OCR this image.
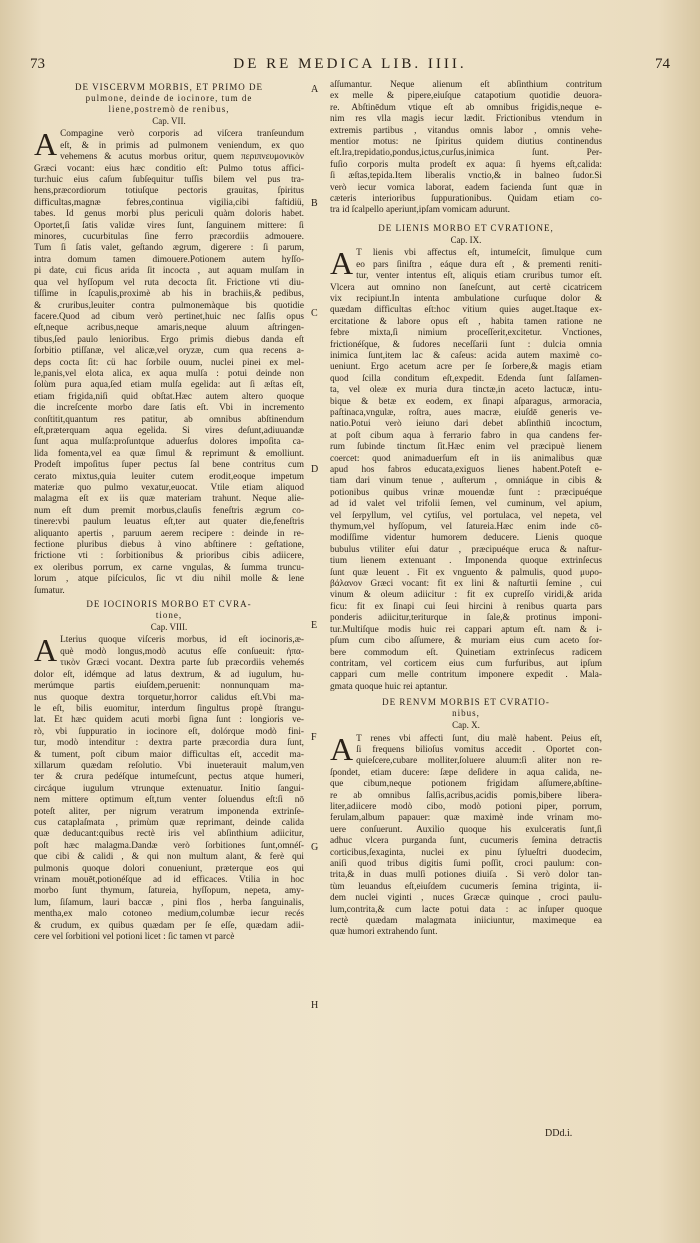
73	DE RE MEDICA LIB. IIII.	74
DE VISCERVM MORBIS, ET PRIMO DE
pulmone, deinde de iocinore, tum de
liene,postremò de renibus,
Cap. VII.
A Compagine verò corporis ad viſcera tranſeundum
eſt, & in primis ad pulmonem veniendum, ex quo
vehemens & acutus morbus oritur, quem περιπνευμονικὸν
Græci vocant: eius hæc conditio eſt: Pulmo totus affici-
tur:huic eius caſum ſubſequitur tuſſis bilem vel pus tra-
hens,præcordiorum totiuſque pectoris grauitas, ſpiritus
difficultas,magnæ febres,continua vigilia,cibi faſtidiü,
tabes. Id genus morbi plus periculi quàm doloris habet.
Oportet,ſi ſatis validæ vires ſunt, ſanguinem mittere: ſi
minores, cucurbitulas ſine ferro præcordiis admouere.
Tum ſi ſatis valet, geſtando ægrum, digerere : ſi parum,
intra domum tamen dimouere.Potionem autem hyſſo-
pi date, cui ficus arida ſit incocta , aut aquam mulſam in
qua vel hyſſopum vel ruta decocta ſit. Frictione vti diu-
tiſſime in ſcapulis,proximè ab his in brachiis,& pedibus,
& cruribus,leuiter contra pulmonemàque bis quotidie
facere.Quod ad cibum verò pertinet,huic nec ſalſis opus
eſt,neque acribus,neque amaris,neque aluum aſtringen-
tibus,ſed paulo lenioribus. Ergo primis diebus danda eſt
ſorbitio ptiſſanæ, vel alicæ,vel oryzæ, cum qua recens a-
deps cocta ſit: cü hac ſorbile ouum, nuclei pinei ex mel-
le,panis,vel elota alica, ex aqua mulſa : potui deinde non
ſolùm pura aqua,ſed etiam mulſa egelida: aut ſi æſtas eſt,
etiam frigida,niſi quid obſtat.Hæc autem altero quoque
die increſcente morbo dare ſatis eſt. Vbi in incremento
conſtitit,quantum res patitur, ab omnibus abſtinendum
eſt,præterquam aqua egelida. Si vires deſunt,adiuuandæ
ſunt aqua mulſa:proſuntque aduerſus dolores impoſita ca-
lida fomenta,vel ea quæ ſimul & reprimunt & emolliunt.
Prodeſt impoſitus ſuper pectus ſal bene contritus cum
cerato mixtus,quia leuiter cutem erodit,eoque impetum
materiæ quo pulmo vexatur,euocat. Vtile etiam aliquod
malagma eſt ex iis quæ materiam trahunt. Neque alie-
num eſt dum premit morbus,clauſis feneſtris ægrum co-
tinere:vbi paulum leuatus eſt,ter aut quater die,feneſtris
aliquanto apertis , paruum aerem recipere : deinde in re-
fectione pluribus diebus à vino abſtinere : geſtatione,
frictione vti : ſorbitionibus & prioribus cibis adiicere,
ex oleribus porrum, ex carne vngulas, & ſumma truncu-
lorum , atque piſciculos, ſic vt diu nihil molle & lene
ſumatur.
DE IOCINORIS MORBO ET CVRA-
tione,
Cap. VIII.
A Lterius quoque viſceris morbus, id eſt iocinoris,æ-
què modò longus,modò acutus eſſe conſueuit: ἡπα-
τικὸν Græci vocant. Dextra parte ſub præcordiis vehemés
dolor eſt, idémque ad latus dextrum, & ad iugulum, hu-
merúmque partis eiuſdem,peruenit: nonnunquam ma-
nus quoque dextra torquetur,horror calidus eſt.Vbi ma-
le eſt, bilis euomitur, interdum ſingultus propè ſtrangu-
lat. Et hæc quidem acuti morbi ſigna ſunt : longioris ve-
rò, vbi ſuppuratio in iocinore eſt, dolórque modò fini-
tur, modò intenditur : dextra parte præcordia dura ſunt,
& tument, poſt cibum maior difficultas eſt, accedit ma-
xillarum quædam reſolutio. Vbi inueterauit malum,ven
ter & crura pedéſque intumeſcunt, pectus atque humeri,
circáque iugulum vtrunque extenuatur. Initio ſangui-
nem mittere optimum eſt,tum venter ſoluendus eſt:ſi nō
poteſt aliter, per nigrum veratrum imponenda extrinſe-
cus cataplaſmata , primùm quæ reprimant, deinde calida
quæ deducant:quibus rectè iris vel abſinthium adiicitur,
poſt hæc malagma.Dandæ verò ſorbitiones ſunt,omnéſ-
que cibi & calidi , & qui non multum alant, & ferè qui
pulmonis quoque dolori conueniunt, præterque eos qui
vrinam mouēt,potionéſque ad id efficaces. Vtilia in hoc
morbo ſunt thymum, ſatureia, hyſſopum, nepeta, amy-
lum, ſiſamum, lauri baccæ , pini flos , herba ſanguinalis,
mentha,ex malo cotoneo medium,columbæ iecur recés
& crudum, ex quibus quædam per ſe eſſe, quædam adii-
cere vel ſorbitioni vel potioni licet : ſic tamen vt parcè
A
B
C
D
E
F
G
H
aſſumantur. Neque alienum eſt abſinthium contritum
ex melle & pipere,eiuſque catapotium quotidie deuora-
re. Abſtinēdum vtique eſt ab omnibus frigidis,neque e-
nim res vlla magis iecur lædit. Frictionibus vtendum in
extremis partibus , vitandus omnis labor , omnis vehe-
mentior motus: ne ſpiritus quidem diutius continendus
eſt.Ira,trepidatio,pondus,ictus,curſus,inimica ſunt. Per-
fuſio corporis multa prodeſt ex aqua: ſi hyems eſt,calida:
ſi æſtas,tepida.Item liberalis vnctio,& in balneo ſudor.Si
verò iecur vomica laborat, eadem facienda ſunt quæ in
cæteris interioribus ſuppurationibus. Quidam etiam co-
tra id ſcalpello aperiunt,ipſam vomicam adurunt.
DE LIENIS MORBO ET CVRATIONE,
Cap. IX.
A T lienis vbi affectus eſt, intumeſcit, ſimulque cum
eo pars ſiniſtra , eáque dura eſt , & prementi reniti-
tur, venter intentus eſt, aliquis etiam cruribus tumor eſt.
Vlcera aut omnino non ſaneſcunt, aut certè cicatricem
vix recipiunt.In intenta ambulatione curſuque dolor &
quædam difficultas eſt:hoc vitium quies auget.Itaque ex-
ercitatione & labore opus eſt , habita tamen ratione ne
febre mixta,ſi nimium proceſſerit,excitetur. Vnctiones,
frictionéſque, & ſudores neceſſarii ſunt : dulcia omnia
inimica ſunt,item lac & caſeus: acida autem maximè co-
ueniunt. Ergo acetum acre per ſe ſorbere,& magis etiam
quod ſcilla conditum eſt,expedit. Edenda ſunt ſalſamen-
ta, vel oleæ ex muria dura tinctæ,in aceto lactucæ, intu-
bique & betæ ex eodem, ex ſinapi aſparagus, armoracia,
paſtinaca,vngulæ, roſtra, aues macræ, eiuſdē generis ve-
natio.Potui verò ieiuno dari debet abſinthiū incoctum,
at poſt cibum aqua à ferrario fabro in qua candens fer-
rum ſubinde tinctum ſit.Hæc enim vel præcipuè lienem
coercet: quod animaduerſum eſt in iis animalibus quæ
apud hos fabros educata,exiguos lienes habent.Poteſt e-
tiam dari vinum tenue , auſterum , omniáque in cibis &
potionibus quibus vrinæ mouendæ ſunt : præcipuéque
ad id valet vel trifolii ſemen, vel cuminum, vel apium,
vel ſerpyllum, vel cytiſus, vel portulaca, vel nepeta, vel
thymum,vel hyſſopum, vel ſatureia.Hæc enim inde cō-
modiſſime videntur humorem deducere. Lienis quoque
bubulus vtiliter eſui datur , præcipuéque eruca & naſtur-
tium lienem extenuant . Imponenda quoque extrinſecus
ſunt quæ leuent . Fit ex vnguento & palmulis, quod μυρο-
βάλανον Græci vocant: fit ex lini & naſturtii ſemine , cui
vinum & oleum adiicitur : fit ex cupreſſo viridi,& arida
ficu: fit ex ſinapi cui ſeui hircini à renibus quarta pars
ponderis adiicitur,teriturque in ſale,& protinus imponi-
tur.Multiſque modis huic rei cappari aptum eſt. nam & i-
pſum cum cibo aſſumere, & muriam eius cum aceto ſor-
bere commodum eſt. Quinetiam extrinſecus radicem
contritam, vel corticem eius cum furfuribus, aut ipſum
cappari cum melle contritum imponere expedit . Mala-
gmata quoque huic rei aptantur.
DE RENVM MORBIS ET CVRATIO-
nibus,
Cap. X.
A T renes vbi affecti ſunt, diu malè habent. Peius eſt,
ſi frequens bilioſus vomitus accedit . Oportet con-
quieſcere,cubare molliter,ſoluere aluum:ſi aliter non re-
ſpondet, etiam ducere: ſæpe deſidere in aqua calida, ne-
que cibum,neque potionem frigidam aſſumere,abſtine-
re ab omnibus ſalſis,acribus,acidis pomis,bibere libera-
liter,adiicere modò cibo, modò potioni piper, porrum,
ferulam,album papauer: quæ maximè inde vrinam mo-
uere conſuerunt. Auxilio quoque his exulceratis ſunt,ſi
adhuc vlcera purganda ſunt, cucumeris ſemina detractis
corticibus,ſexaginta, nuclei ex pinu ſylueſtri duodecim,
aniſi quod tribus digitis ſumi poſſit, croci paulum: con-
trita,& in duas mulſi potiones diuiſa . Si verò dolor tan-
tùm leuandus eſt,eiuſdem cucumeris ſemina triginta, ii-
dem nuclei viginti , nuces Græcæ quinque , croci paulu-
lum,contrita,& cum lacte potui data : ac inſuper quoque
rectè quædam malagmata iniiciuntur, maximeque ea
quæ humori extrahendo ſunt.
DDd.i.
